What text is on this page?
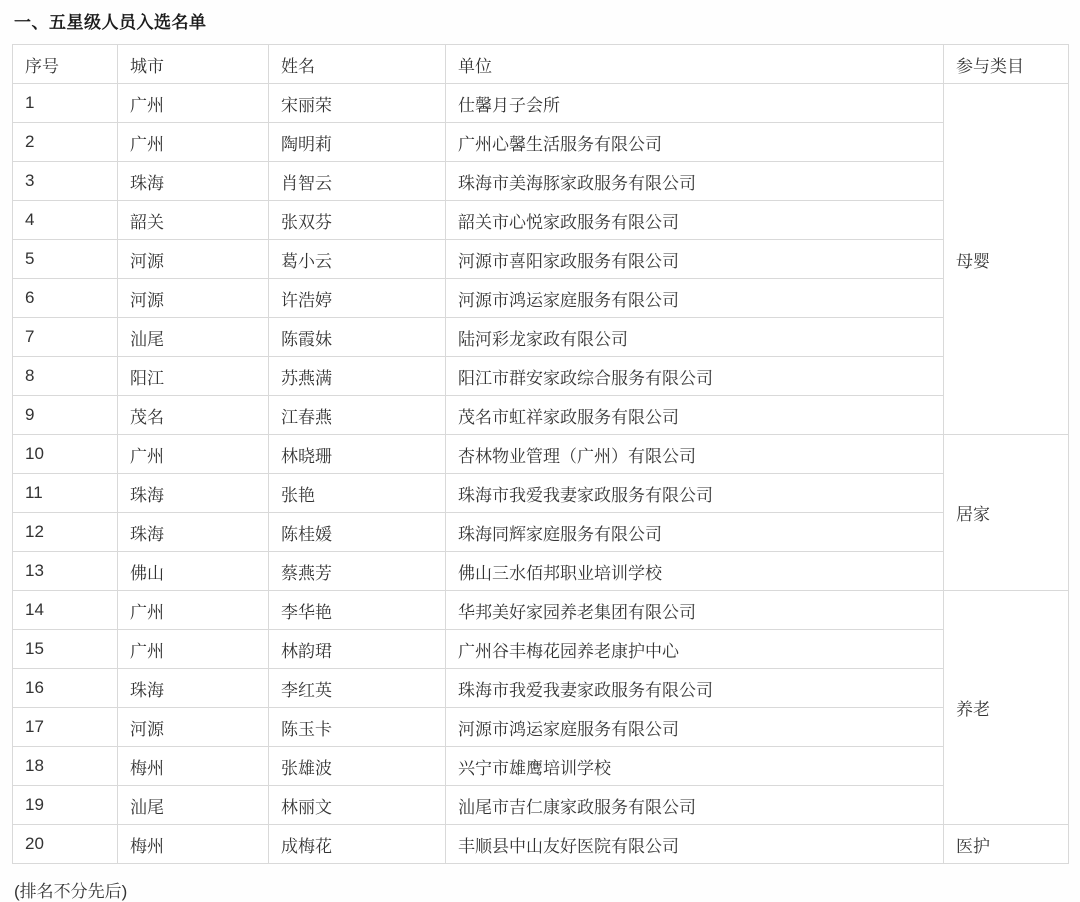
一、五星级人员入选名单
序号	城市	姓名	单位	参与类目
1	广州	宋丽荣	仕馨月子会所	母婴
2	广州	陶明莉	广州心馨生活服务有限公司	
3	珠海	肖智云	珠海市美海豚家政服务有限公司	
4	韶关	张双芬	韶关市心悦家政服务有限公司	
5	河源	葛小云	河源市喜阳家政服务有限公司	
6	河源	许浩婷	河源市鸿运家庭服务有限公司	
7	汕尾	陈霞妹	陆河彩龙家政有限公司	
8	阳江	苏燕满	阳江市群安家政综合服务有限公司	
9	茂名	江春燕	茂名市虹祥家政服务有限公司	
10	广州	林晓珊	杏林物业管理（广州）有限公司	居家
11	珠海	张艳	珠海市我爱我妻家政服务有限公司	
12	珠海	陈桂媛	珠海同辉家庭服务有限公司	
13	佛山	蔡燕芳	佛山三水佰邦职业培训学校	
14	广州	李华艳	华邦美好家园养老集团有限公司	养老
15	广州	林韵珺	广州谷丰梅花园养老康护中心	
16	珠海	李红英	珠海市我爱我妻家政服务有限公司	
17	河源	陈玉卡	河源市鸿运家庭服务有限公司	
18	梅州	张雄波	兴宁市雄鹰培训学校	
19	汕尾	林丽文	汕尾市吉仁康家政服务有限公司	
20	梅州	成梅花	丰顺县中山友好医院有限公司	医护
(排名不分先后)
